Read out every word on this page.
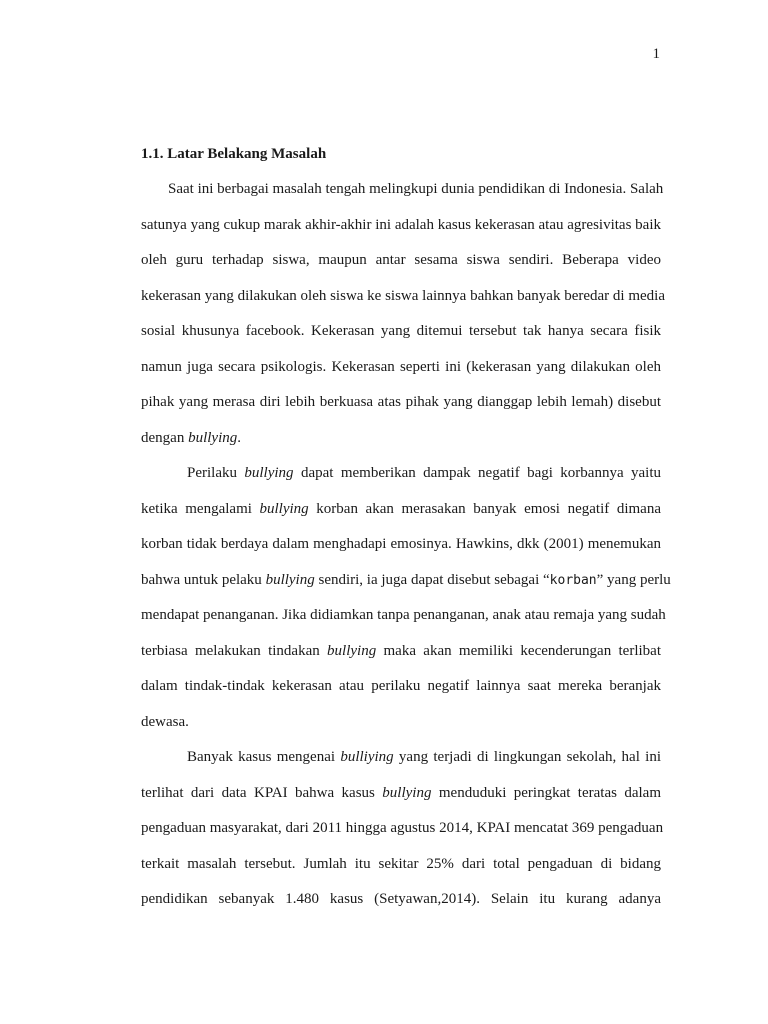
1
1.1. Latar Belakang Masalah
Saat ini berbagai masalah tengah melingkupi dunia pendidikan di Indonesia. Salah
satunya yang cukup marak akhir-akhir ini adalah kasus kekerasan atau agresivitas baik
oleh guru terhadap siswa, maupun antar sesama siswa sendiri. Beberapa video
kekerasan yang dilakukan oleh siswa ke siswa lainnya bahkan banyak beredar di media
sosial khusunya facebook. Kekerasan yang ditemui tersebut tak hanya secara fisik
namun juga secara psikologis. Kekerasan seperti ini (kekerasan yang dilakukan oleh
pihak yang merasa diri lebih berkuasa atas pihak yang dianggap lebih lemah) disebut
dengan bullying.
Perilaku bullying dapat memberikan dampak negatif bagi korbannya yaitu
ketika mengalami bullying korban akan merasakan banyak emosi negatif dimana
korban tidak berdaya dalam menghadapi emosinya. Hawkins, dkk (2001) menemukan
bahwa untuk pelaku bullying sendiri, ia juga dapat disebut sebagai “korban” yang perlu
mendapat penanganan. Jika didiamkan tanpa penanganan, anak atau remaja yang sudah
terbiasa melakukan tindakan bullying maka akan memiliki kecenderungan terlibat
dalam tindak-tindak kekerasan atau perilaku negatif lainnya saat mereka beranjak
dewasa.
Banyak kasus mengenai bulliying yang terjadi di lingkungan sekolah, hal ini
terlihat dari data KPAI bahwa kasus bullying menduduki peringkat teratas dalam
pengaduan masyarakat, dari 2011 hingga agustus 2014, KPAI mencatat 369 pengaduan
terkait masalah tersebut. Jumlah itu sekitar 25% dari total pengaduan di bidang
pendidikan sebanyak 1.480 kasus (Setyawan,2014). Selain itu kurang adanya
